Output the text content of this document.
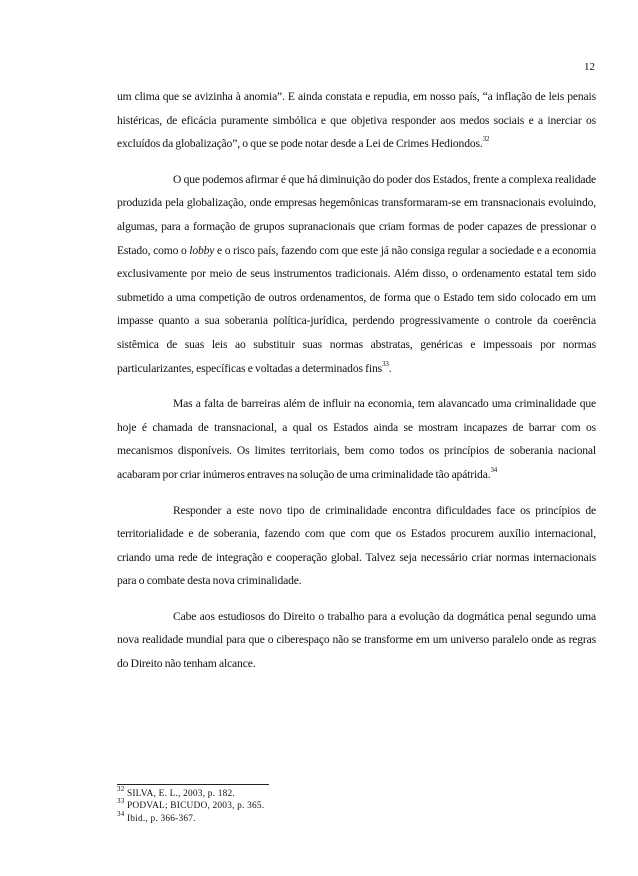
12

um clima que se avizinha à anomia”. E ainda constata e repudia, em nosso país, “a inflação de leis penais histéricas, de eficácia puramente simbólica e que objetiva responder aos medos sociais e a inerciar os excluídos da globalização”, o que se pode notar desde a Lei de Crimes Hediondos.$^{32}$

O que podemos afirmar é que há diminuição do poder dos Estados, frente a complexa realidade produzida pela globalização, onde empresas hegemônicas transformaram-se em transnacionais evoluindo, algumas, para a formação de grupos supranacionais que criam formas de poder capazes de pressionar o Estado, como o lobby e o risco país, fazendo com que este já não consiga regular a sociedade e a economia exclusivamente por meio de seus instrumentos tradicionais. Além disso, o ordenamento estatal tem sido submetido a uma competição de outros ordenamentos, de forma que o Estado tem sido colocado em um impasse quanto a sua soberania política-jurídica, perdendo progressivamente o controle da coerência sistêmica de suas leis ao substituir suas normas abstratas, genéricas e impessoais por normas particularizantes, específicas e voltadas a determinados fins$^{33}$.

Mas a falta de barreiras além de influir na economia, tem alavancado uma criminalidade que hoje é chamada de transnacional, a qual os Estados ainda se mostram incapazes de barrar com os mecanismos disponíveis. Os limites territoriais, bem como todos os princípios de soberania nacional acabaram por criar inúmeros entraves na solução de uma criminalidade tão apátrida.$^{34}$

Responder a este novo tipo de criminalidade encontra dificuldades face os princípios de territorialidade e de soberania, fazendo com que com que os Estados procurem auxílio internacional, criando uma rede de integração e cooperação global. Talvez seja necessário criar normas internacionais para o combate desta nova criminalidade.

Cabe aos estudiosos do Direito o trabalho para a evolução da dogmática penal segundo uma nova realidade mundial para que o ciberespaço não se transforme em um universo paralelo onde as regras do Direito não tenham alcance.

$^{32}$ SILVA, E. L., 2003, p. 182.
$^{33}$ PODVAL; BICUDO, 2003, p. 365.
$^{34}$ Ibid., p. 366-367.
